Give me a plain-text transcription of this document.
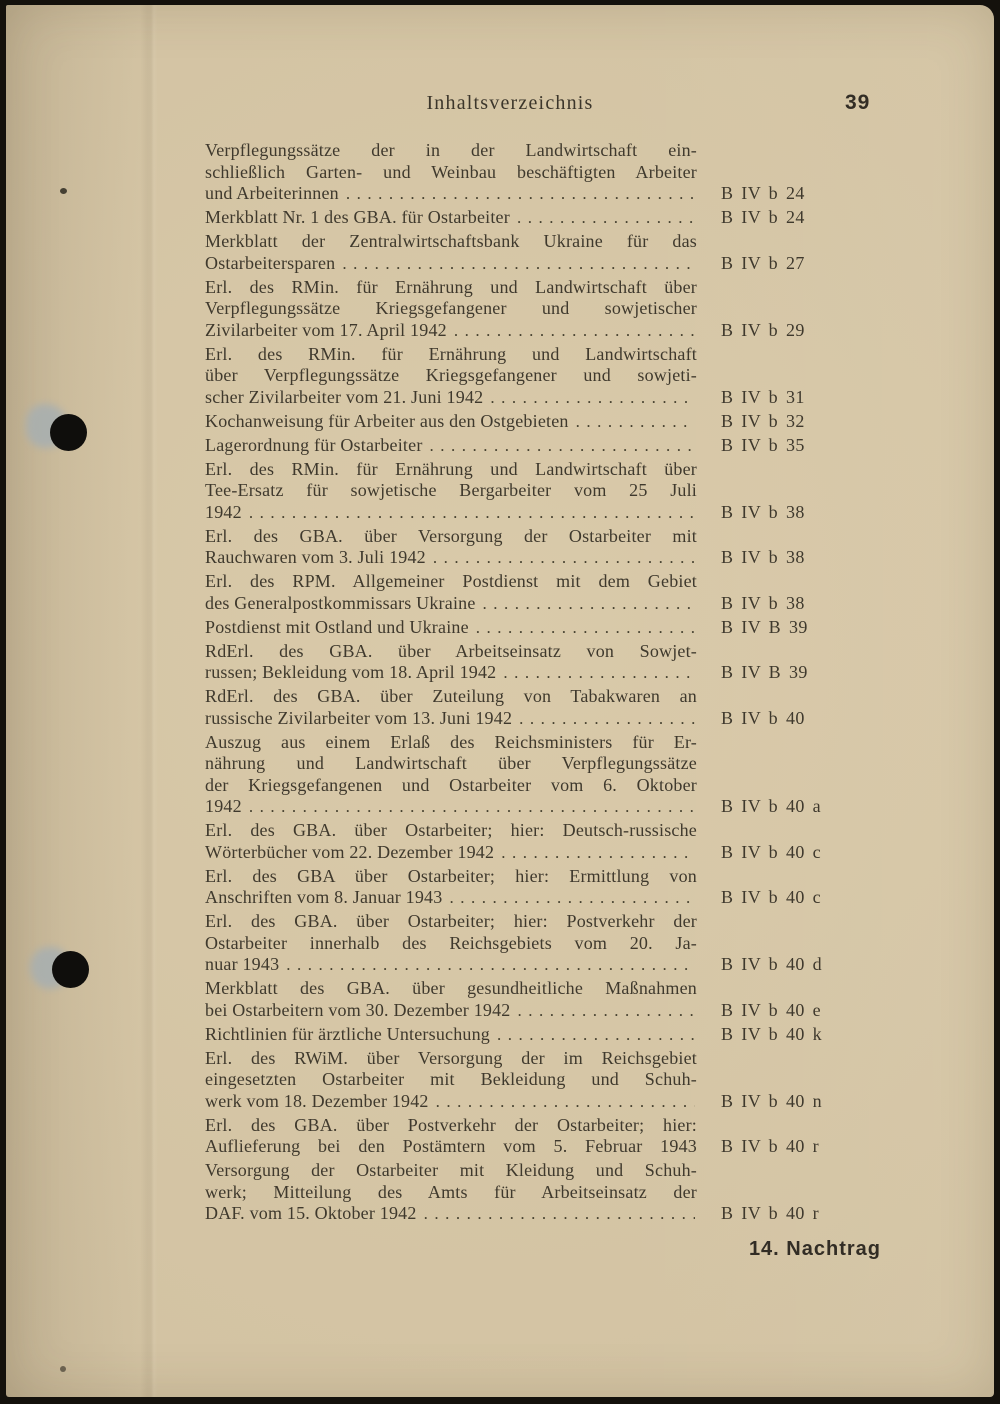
Inhaltsverzeichnis	39
Verpflegungssätze der in der Landwirtschaft ein-
schließlich Garten- und Weinbau beschäftigten Arbeiter
und Arbeiterinnen .....	B IV b 24
Merkblatt Nr. 1 des GBA. für Ostarbeiter .....	B IV b 24
Merkblatt der Zentralwirtschaftsbank Ukraine für das
Ostarbeitersparen .....	B IV b 27
Erl. des RMin. für Ernährung und Landwirtschaft über
Verpflegungssätze Kriegsgefangener und sowjetischer
Zivilarbeiter vom 17. April 1942 .....	B IV b 29
Erl. des RMin. für Ernährung und Landwirtschaft
über Verpflegungssätze Kriegsgefangener und sowjeti-
scher Zivilarbeiter vom 21. Juni 1942 .....	B IV b 31
Kochanweisung für Arbeiter aus den Ostgebieten .....	B IV b 32
Lagerordnung für Ostarbeiter .....	B IV b 35
Erl. des RMin. für Ernährung und Landwirtschaft über
Tee-Ersatz für sowjetische Bergarbeiter vom 25 Juli
1942 .....	B IV b 38
Erl. des GBA. über Versorgung der Ostarbeiter mit
Rauchwaren vom 3. Juli 1942 .....	B IV b 38
Erl. des RPM. Allgemeiner Postdienst mit dem Gebiet
des Generalpostkommissars Ukraine .....	B IV b 38
Postdienst mit Ostland und Ukraine .....	B IV B 39
RdErl. des GBA. über Arbeitseinsatz von Sowjet-
russen; Bekleidung vom 18. April 1942 .....	B IV B 39
RdErl. des GBA. über Zuteilung von Tabakwaren an
russische Zivilarbeiter vom 13. Juni 1942 .....	B IV b 40
Auszug aus einem Erlaß des Reichsministers für Er-
nährung und Landwirtschaft über Verpflegungssätze
der Kriegsgefangenen und Ostarbeiter vom 6. Oktober
1942 .....	B IV b 40 a
Erl. des GBA. über Ostarbeiter; hier: Deutsch-russische
Wörterbücher vom 22. Dezember 1942 .....	B IV b 40 c
Erl. des GBA über Ostarbeiter; hier: Ermittlung von
Anschriften vom 8. Januar 1943 .....	B IV b 40 c
Erl. des GBA. über Ostarbeiter; hier: Postverkehr der
Ostarbeiter innerhalb des Reichsgebiets vom 20. Ja-
nuar 1943 .....	B IV b 40 d
Merkblatt des GBA. über gesundheitliche Maßnahmen
bei Ostarbeitern vom 30. Dezember 1942 .....	B IV b 40 e
Richtlinien für ärztliche Untersuchung .....	B IV b 40 k
Erl. des RWiM. über Versorgung der im Reichsgebiet
eingesetzten Ostarbeiter mit Bekleidung und Schuh-
werk vom 18. Dezember 1942 .....	B IV b 40 n
Erl. des GBA. über Postverkehr der Ostarbeiter; hier:
Auflieferung bei den Postämtern vom 5. Februar 1943	B IV b 40 r
Versorgung der Ostarbeiter mit Kleidung und Schuh-
werk; Mitteilung des Amts für Arbeitseinsatz der
DAF. vom 15. Oktober 1942 .....	B IV b 40 r
14. Nachtrag
